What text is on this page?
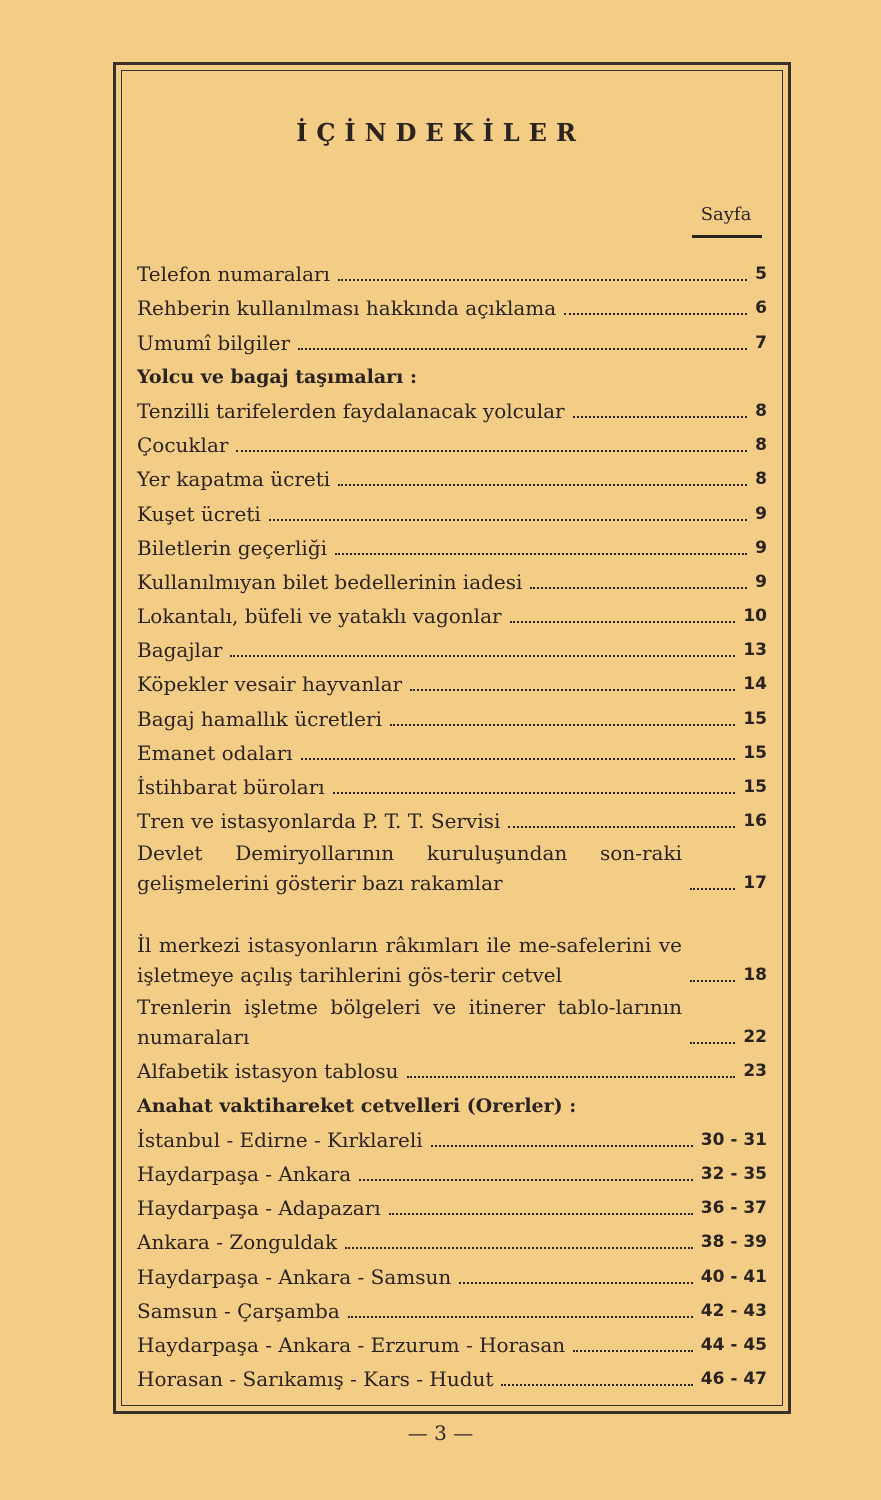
İÇİNDEKİLER
Sayfa
Telefon numaraları	5
Rehberin kullanılması hakkında açıklama	6
Umumî bilgiler	7
Yolcu ve bagaj taşımaları :
Tenzilli tarifelerden faydalanacak yolcular	8
Çocuklar	8
Yer kapatma ücreti	8
Kuşet ücreti	9
Biletlerin geçerliği	9
Kullanılmıyan bilet bedellerinin iadesi	9
Lokantalı, büfeli ve yataklı vagonlar	10
Bagajlar	13
Köpekler vesair hayvanlar	14
Bagaj hamallık ücretleri	15
Emanet odaları	15
İstihbarat büroları	15
Tren ve istasyonlarda P. T. T. Servisi	16
Devlet Demiryollarının kuruluşundan son-raki gelişmelerini gösterir bazı rakamlar	17
İl merkezi istasyonların râkımları ile me-safelerini ve işletmeye açılış tarihlerini gös-terir cetvel	18
Trenlerin işletme bölgeleri ve itinerer tablo-larının numaraları	22
Alfabetik istasyon tablosu	23
Anahat vaktihareket cetvelleri (Orerler) :
İstanbul - Edirne - Kırklareli	30 - 31
Haydarpaşa - Ankara	32 - 35
Haydarpaşa - Adapazarı	36 - 37
Ankara - Zonguldak	38 - 39
Haydarpaşa - Ankara - Samsun	40 - 41
Samsun - Çarşamba	42 - 43
Haydarpaşa - Ankara - Erzurum - Horasan	44 - 45
Horasan - Sarıkamış - Kars - Hudut	46 - 47
— 3 —
